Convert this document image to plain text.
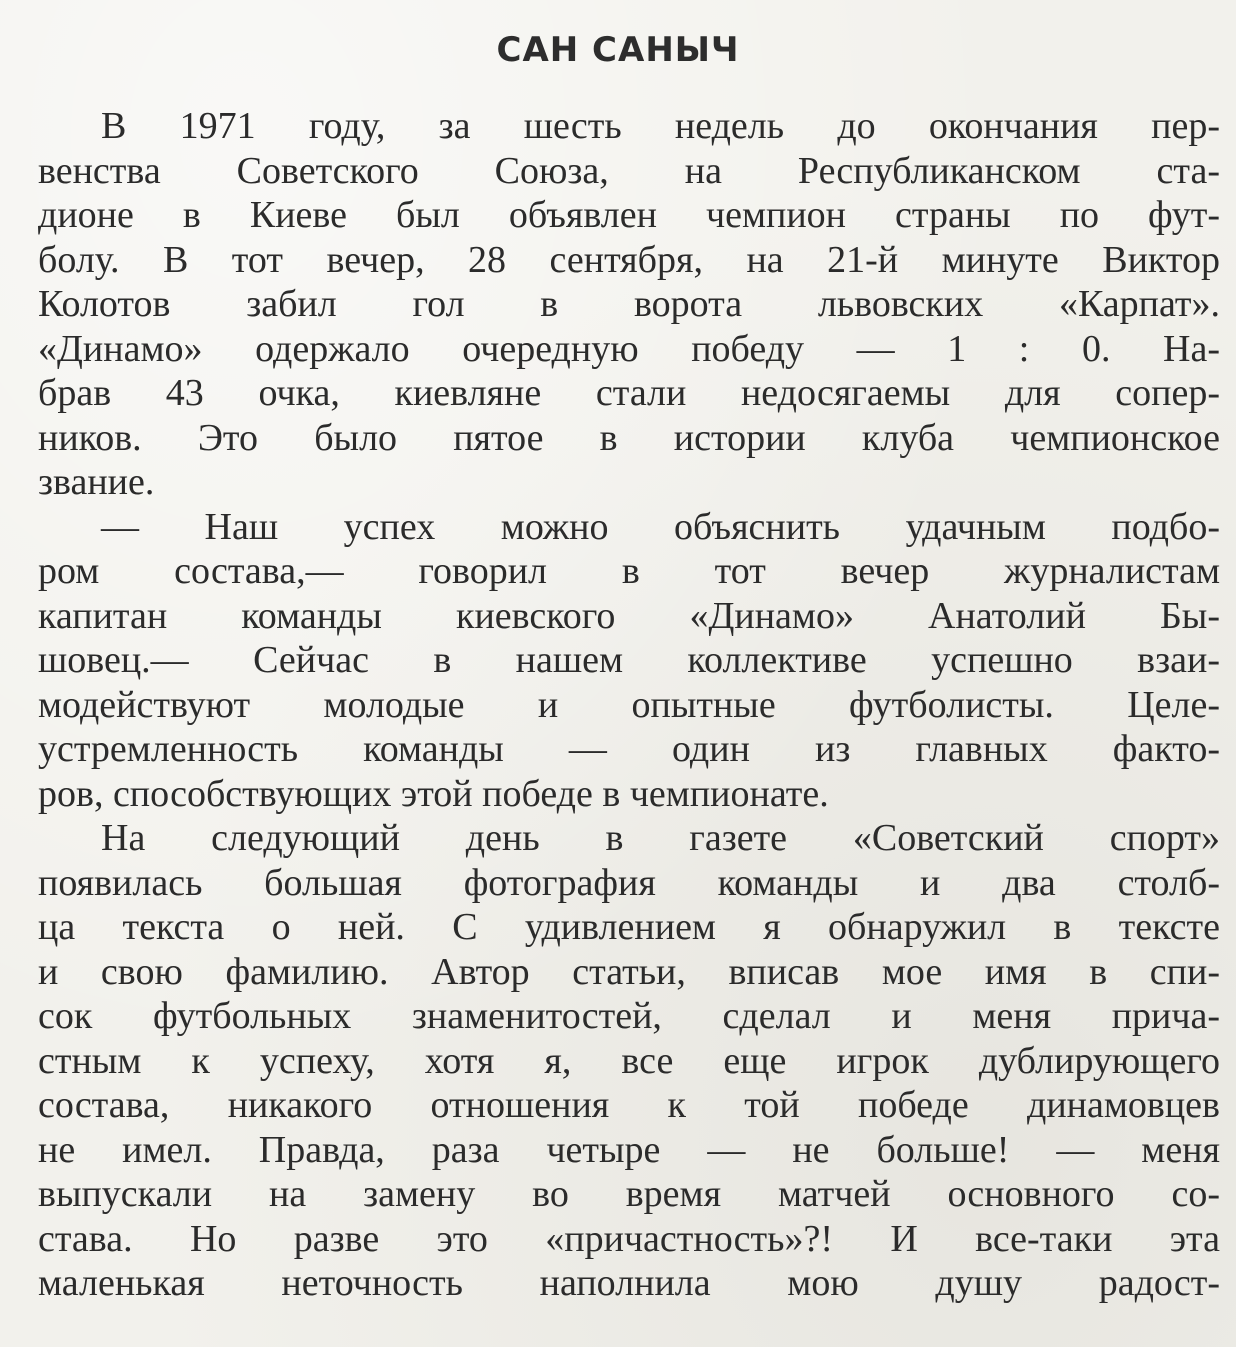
САН САНЫЧ
В 1971 году, за шесть недель до окончания пер-
венства Советского Союза, на Республиканском ста-
дионе в Киеве был объявлен чемпион страны по фут-
болу. В тот вечер, 28 сентября, на 21-й минуте Виктор
Колотов забил гол в ворота львовских «Карпат».
«Динамо» одержало очередную победу — 1 : 0. На-
брав 43 очка, киевляне стали недосягаемы для сопер-
ников. Это было пятое в истории клуба чемпионское
звание.
— Наш успех можно объяснить удачным подбо-
ром состава,— говорил в тот вечер журналистам
капитан команды киевского «Динамо» Анатолий Бы-
шовец.— Сейчас в нашем коллективе успешно взаи-
модействуют молодые и опытные футболисты. Целе-
устремленность команды — один из главных факто-
ров, способствующих этой победе в чемпионате.
На следующий день в газете «Советский спорт»
появилась большая фотография команды и два столб-
ца текста о ней. С удивлением я обнаружил в тексте
и свою фамилию. Автор статьи, вписав мое имя в спи-
сок футбольных знаменитостей, сделал и меня прича-
стным к успеху, хотя я, все еще игрок дублирующего
состава, никакого отношения к той победе динамовцев
не имел. Правда, раза четыре — не больше! — меня
выпускали на замену во время матчей основного со-
става. Но разве это «причастность»?! И все-таки эта
маленькая неточность наполнила мою душу радост-
